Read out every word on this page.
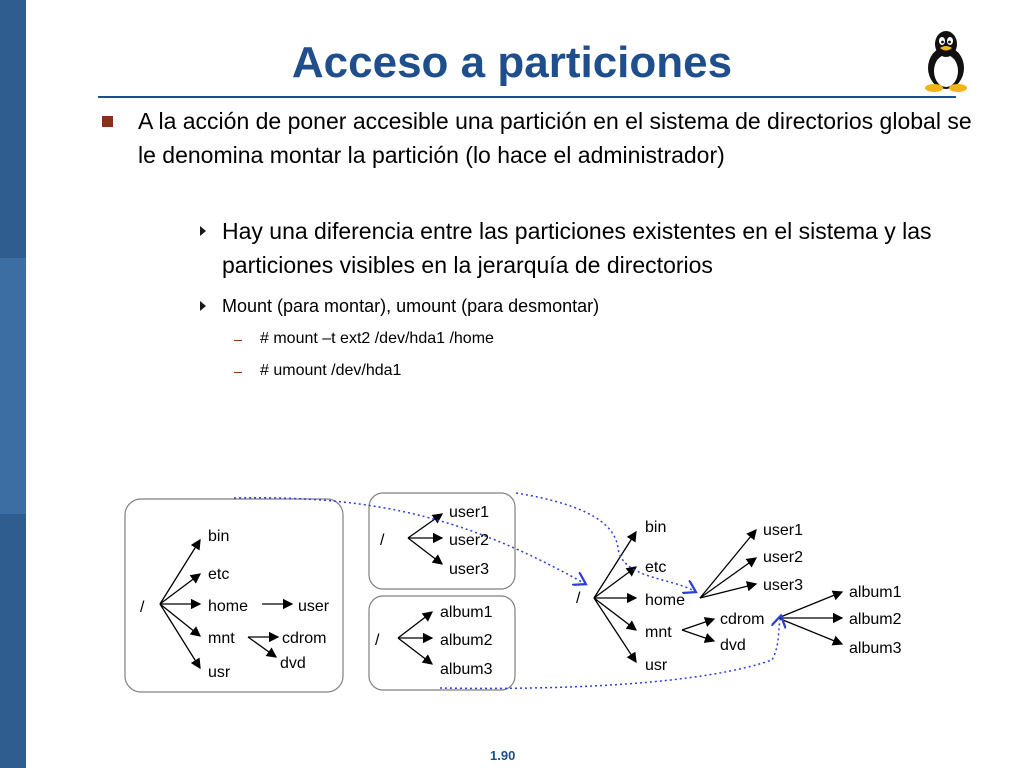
Acceso a particiones
A la acción de poner accesible una partición en el sistema de directorios global se le denomina montar la partición (lo hace el administrador)
Hay una diferencia entre las particiones existentes en el sistema y las particiones visibles en la jerarquía de directorios
Mount (para montar), umount (para desmontar)
# mount –t ext2 /dev/hda1 /home
# umount /dev/hda1
/
bin
etc
home
mnt
usr
user
cdrom
dvd
/
user1
user2
user3
/
album1
album2
album3
/
bin
etc
home
mnt
usr
user1
user2
user3
cdrom
dvd
album1
album2
album3
1.90
